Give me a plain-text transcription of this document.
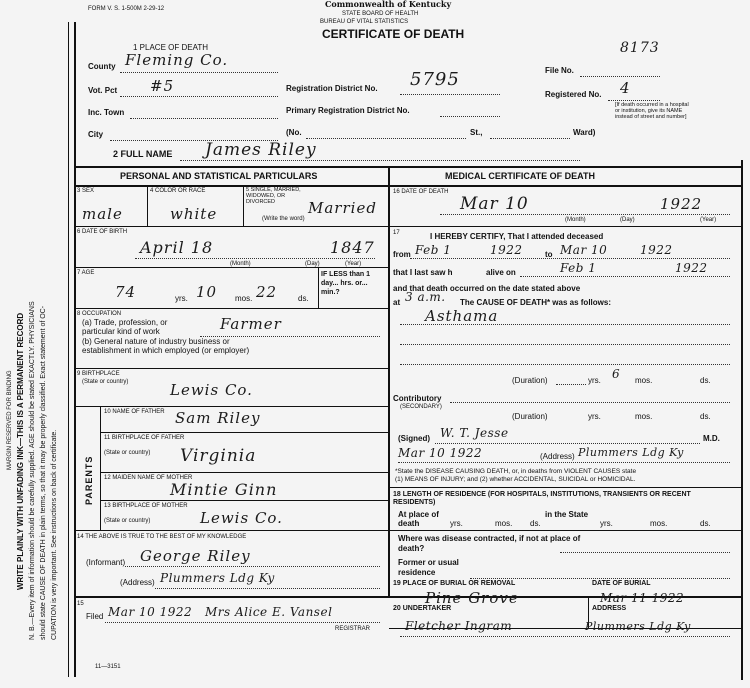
WRITE PLAINLY WITH UNFADING INK—THIS IS A PERMANENT RECORD
MARGIN RESERVED FOR BINDING N. B.—Every item of information should be carefully supplied. AGE should be stated EXACTLY. PHYSICIANS should state CAUSE OF DEATH in plain terms, so that it may be properly classified. Exact statement of OC- CUPATION is very important. See instructions on back of certificate.
FORM V. S. 1-500M 2-29-12	Commonwealth of Kentucky
STATE BOARD OF HEALTH
BUREAU OF VITAL STATISTICS
CERTIFICATE OF DEATH
1 PLACE OF DEATH	8173
County Fleming Co.
File No.
Vot. Pct #5	Registration District No. 5795
Registered No. 4
Inc. Town	Primary Registration District No.
[If death occurred in a hospital or institution, give its NAME instead of street and number]
City	(No.	St.,	Ward)
2 FULL NAME James Riley
PERSONAL AND STATISTICAL PARTICULARS	MEDICAL CERTIFICATE OF DEATH
3 SEX
male
4 COLOR OR RACE
white
5 SINGLE, MARRIED, WIDOWED, OR DIVORCED
(Write the word)
Married
6 DATE OF BIRTH
April 18	1847
(Month)	(Day)	(Year)
7 AGE
74	yrs. 10 mos. 22	ds.
IF LESS than 1 day... hrs. or... min.?
8 OCCUPATION
(a) Trade, profession, or particular kind of work	Farmer
(b) General nature of industry business or establishment in which employed (or employer)
9 BIRTHPLACE
(State or country)	Lewis Co.
PARENTS
10 NAME OF FATHER Sam Riley
11 BIRTHPLACE OF FATHER
(State or country) Virginia
12 MAIDEN NAME OF MOTHER
Mintie Ginn
13 BIRTHPLACE OF MOTHER
(State or country)	Lewis Co.
14 THE ABOVE IS TRUE TO THE BEST OF MY KNOWLEDGE
(Informant) George Riley
(Address) Plummers Ldg Ky
15
Filed Mar 10 1922 Mrs Alice E. Vansel
REGISTRAR
16 DATE OF DEATH
Mar 10	1922
(Month)	(Day)	(Year)
17	I HEREBY CERTIFY, That I attended deceased
from Feb 1	1922	to Mar 10	1922
that I last saw h	alive on	Feb 1	1922
and that death occurred on the date stated above
at 3 a.m. The CAUSE OF DEATH* was as follows:
Asthama
(Duration)	yrs. 6 mos.	ds.
Contributory
(SECONDARY)
(Duration)	yrs.	mos.	ds.
(Signed) W. T. Jesse	M.D.
Mar 10 1922	(Address) Plummers Ldg Ky
*State the DISEASE CAUSING DEATH, or, in deaths from VIOLENT CAUSES state
(1) MEANS OF INJURY; and (2) whether ACCIDENTAL, SUICIDAL or HOMICIDAL.
18 LENGTH OF RESIDENCE (FOR HOSPITALS, INSTITUTIONS, TRANSIENTS OR RECENT RESIDENTS)
At place of death	yrs.	mos. ds.
in the State
yrs.	mos.	ds.
Where was disease contracted, if not at place of death?
Former or usual residence
19 PLACE OF BURIAL OR REMOVAL
Pine Grove
DATE OF BURIAL
Mar 11 1922
20 UNDERTAKER	ADDRESS
Fletcher Ingram	Plummers Ldg Ky
11—3151
